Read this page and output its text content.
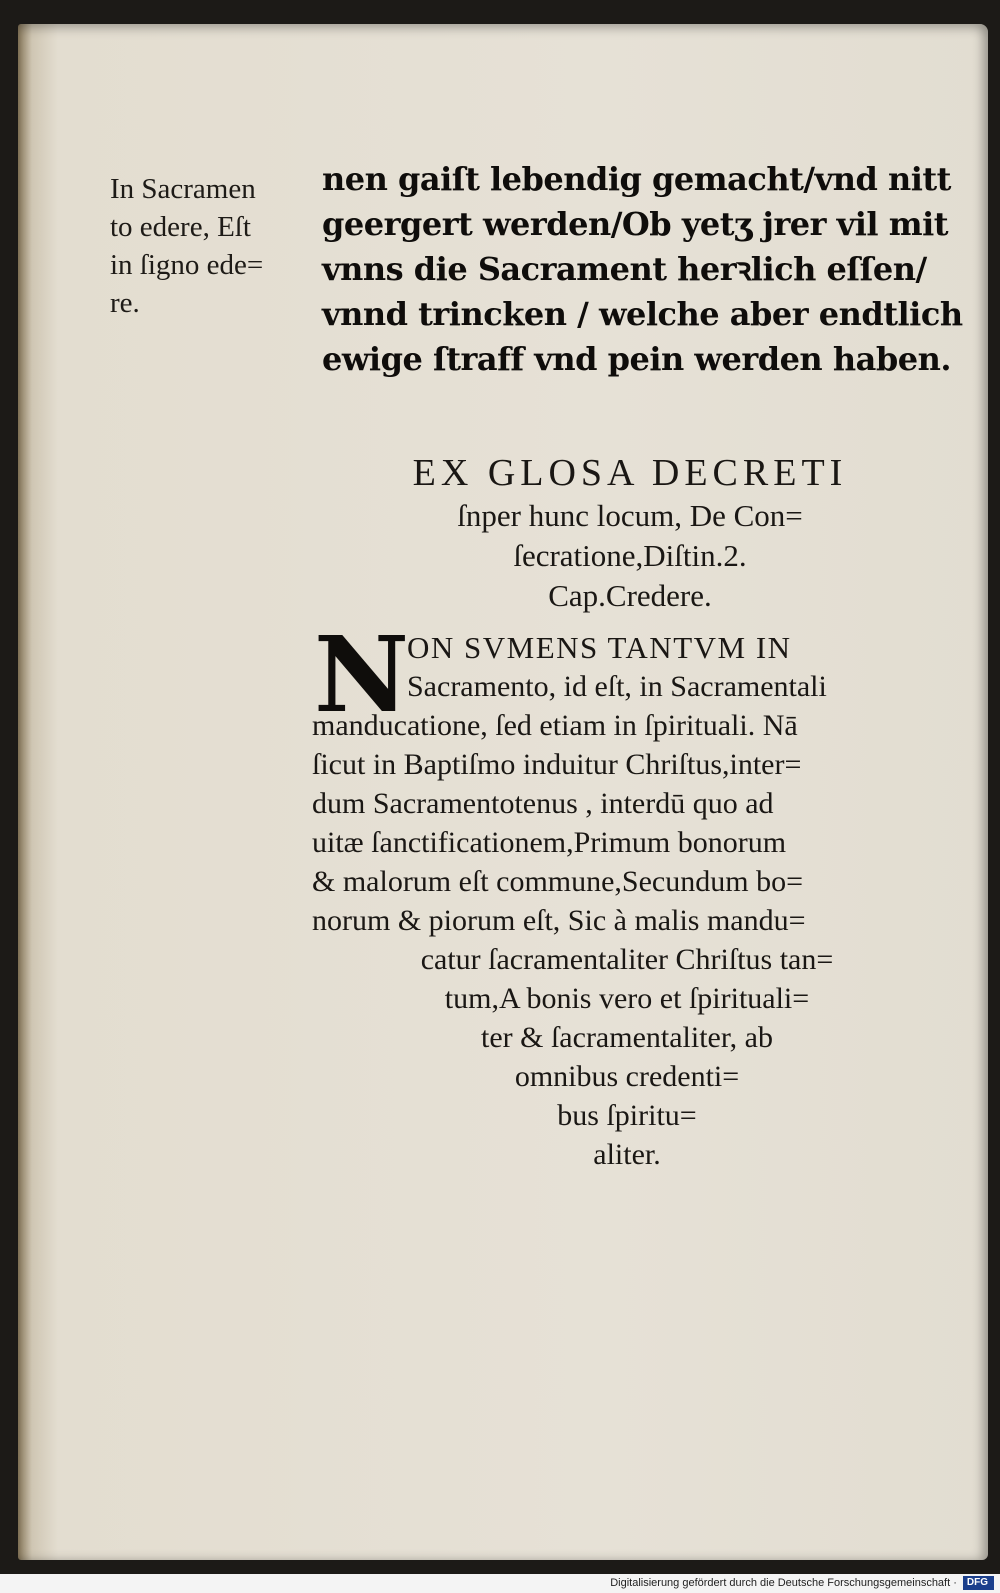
In Sacramen
to edere, Eſt
in ſigno ede=
re.
nen gaiſt lebendig gemacht/vnd nitt
geergert werden/Ob yetʒ jrer vil mit
vnns die Sacrament herꝛlich eſſen/
vnnd trincken / welche aber endtlich
ewige ſtraff vnd pein werden haben.
EX GLOSA DECRETI
ſnper hunc locum, De Con=
ſecratione,Diſtin.2.
Cap.Credere.
N
ON SVMENS TANTVM IN
Sacramento, id eſt, in Sacramentali
manducatione, ſed etiam in ſpirituali. Nā
ſicut in Baptiſmo induitur Chriſtus,inter=
dum Sacramentotenus , interdū quo ad
uitæ ſanctificationem,Primum bonorum
& malorum eſt commune,Secundum bo=
norum & piorum eſt, Sic à malis mandu=
catur ſacramentaliter Chriſtus tan=
tum,A bonis vero et ſpirituali=
ter & ſacramentaliter, ab
omnibus credenti=
bus ſpiritu=
aliter.
Digitalisierung gefördert durch die Deutsche Forschungsgemeinschaft · DFG
